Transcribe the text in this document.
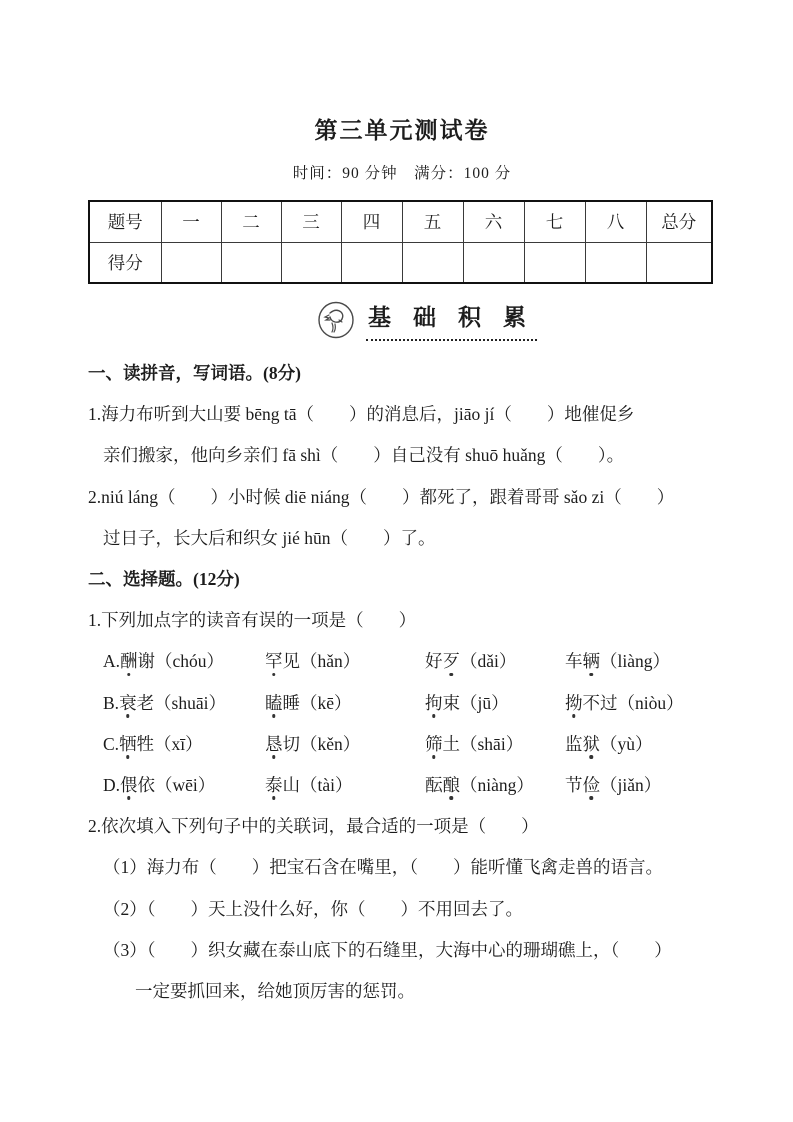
第三单元测试卷
时间：90 分钟　满分：100 分
题号	一	二	三	四	五	六	七	八	总分
得分									
基 础 积 累

一、读拼音，写词语。(8分)

1.海力布听到大山要 bēng tā（　　）的消息后，jiāo jí（　　）地催促乡

亲们搬家，他向乡亲们 fā shì（　　）自己没有 shuō huǎng（　　）。

2.niú láng（　　）小时候 diē niáng（　　）都死了，跟着哥哥 sǎo zi（　　）

过日子，长大后和织女 jié hūn（　　）了。

二、选择题。(12分)

1.下列加点字的读音有误的一项是（　　）

A.酬谢（chóu）	罕见（hǎn）	好歹（dǎi）	车辆（liàng）

B.衰老（shuāi）	瞌睡（kē）	拘束（jū）	拗不过（niòu）

C.牺牲（xī）	恳切（kěn）	筛土（shāi）	监狱（yù）

D.偎依（wēi）	泰山（tài）	酝酿（niàng）	节俭（jiǎn）

2.依次填入下列句子中的关联词，最合适的一项是（　　）

（1）海力布（　　）把宝石含在嘴里，（　　）能听懂飞禽走兽的语言。

（2）（　　）天上没什么好，你（　　）不用回去了。

（3）（　　）织女藏在泰山底下的石缝里，大海中心的珊瑚礁上，（　　）

一定要抓回来，给她顶厉害的惩罚。
